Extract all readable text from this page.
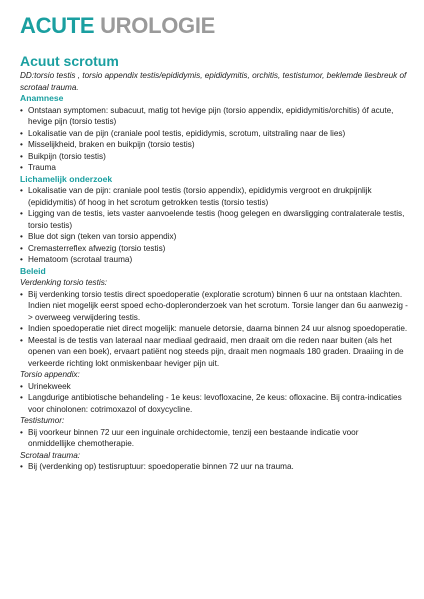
ACUTE UROLOGIE
Acuut scrotum

DD:torsio testis , torsio appendix testis/epididymis, epididymitis, orchitis, testistumor, beklemde liesbreuk of scrotaal trauma.

Anamnese
• Ontstaan symptomen: subacuut, matig tot hevige pijn (torsio appendix, epididymitis/orchitis) óf acute, hevige pijn (torsio testis)
• Lokalisatie van de pijn (craniale pool testis, epididymis, scrotum, uitstraling naar de lies)
• Misselijkheid, braken en buikpijn (torsio testis)
• Buikpijn (torsio testis)
• Trauma
Lichamelijk onderzoek
• Lokalisatie van de pijn: craniale pool testis (torsio appendix), epididymis vergroot en drukpijnlijk (epididymitis) óf hoog in het scrotum getrokken testis (torsio testis)
• Ligging van de testis, iets vaster aanvoelende testis (hoog gelegen en dwarsligging contralaterale testis, torsio testis)
• Blue dot sign (teken van torsio appendix)
• Cremasterreflex afwezig (torsio testis)
• Hematoom (scrotaal trauma)
Beleid

Verdenking torsio testis:

• Bij verdenking torsio testis direct spoedoperatie (exploratie scrotum) binnen 6 uur na ontstaan klachten. Indien niet mogelijk eerst spoed echo-dopleronderzoek van het scrotum. Torsie langer dan 6u aanwezig -> overweeg verwijdering testis.
• Indien spoedoperatie niet direct mogelijk: manuele detorsie, daarna binnen 24 uur alsnog spoedoperatie.
• Meestal is de testis van lateraal naar mediaal gedraaid, men draait om die reden naar buiten (als het openen van een boek), ervaart patiënt nog steeds pijn, draait men nogmaals 180 graden. Draaiing in de verkeerde richting lokt onmiskenbaar heviger pijn uit.

Torsio appendix:

• Urinekweek
• Langdurige antibiotische behandeling - 1e keus: levofloxacine, 2e keus: ofloxacine. Bij contra-indicaties voor chinolonen: cotrimoxazol of doxycycline.

Testistumor:

• Bij voorkeur binnen 72 uur een inguinale orchidectomie, tenzij een bestaande indicatie voor onmiddellijke chemotherapie.

Scrotaal trauma:

• Bij (verdenking op) testisruptuur: spoedoperatie binnen 72 uur na trauma.
